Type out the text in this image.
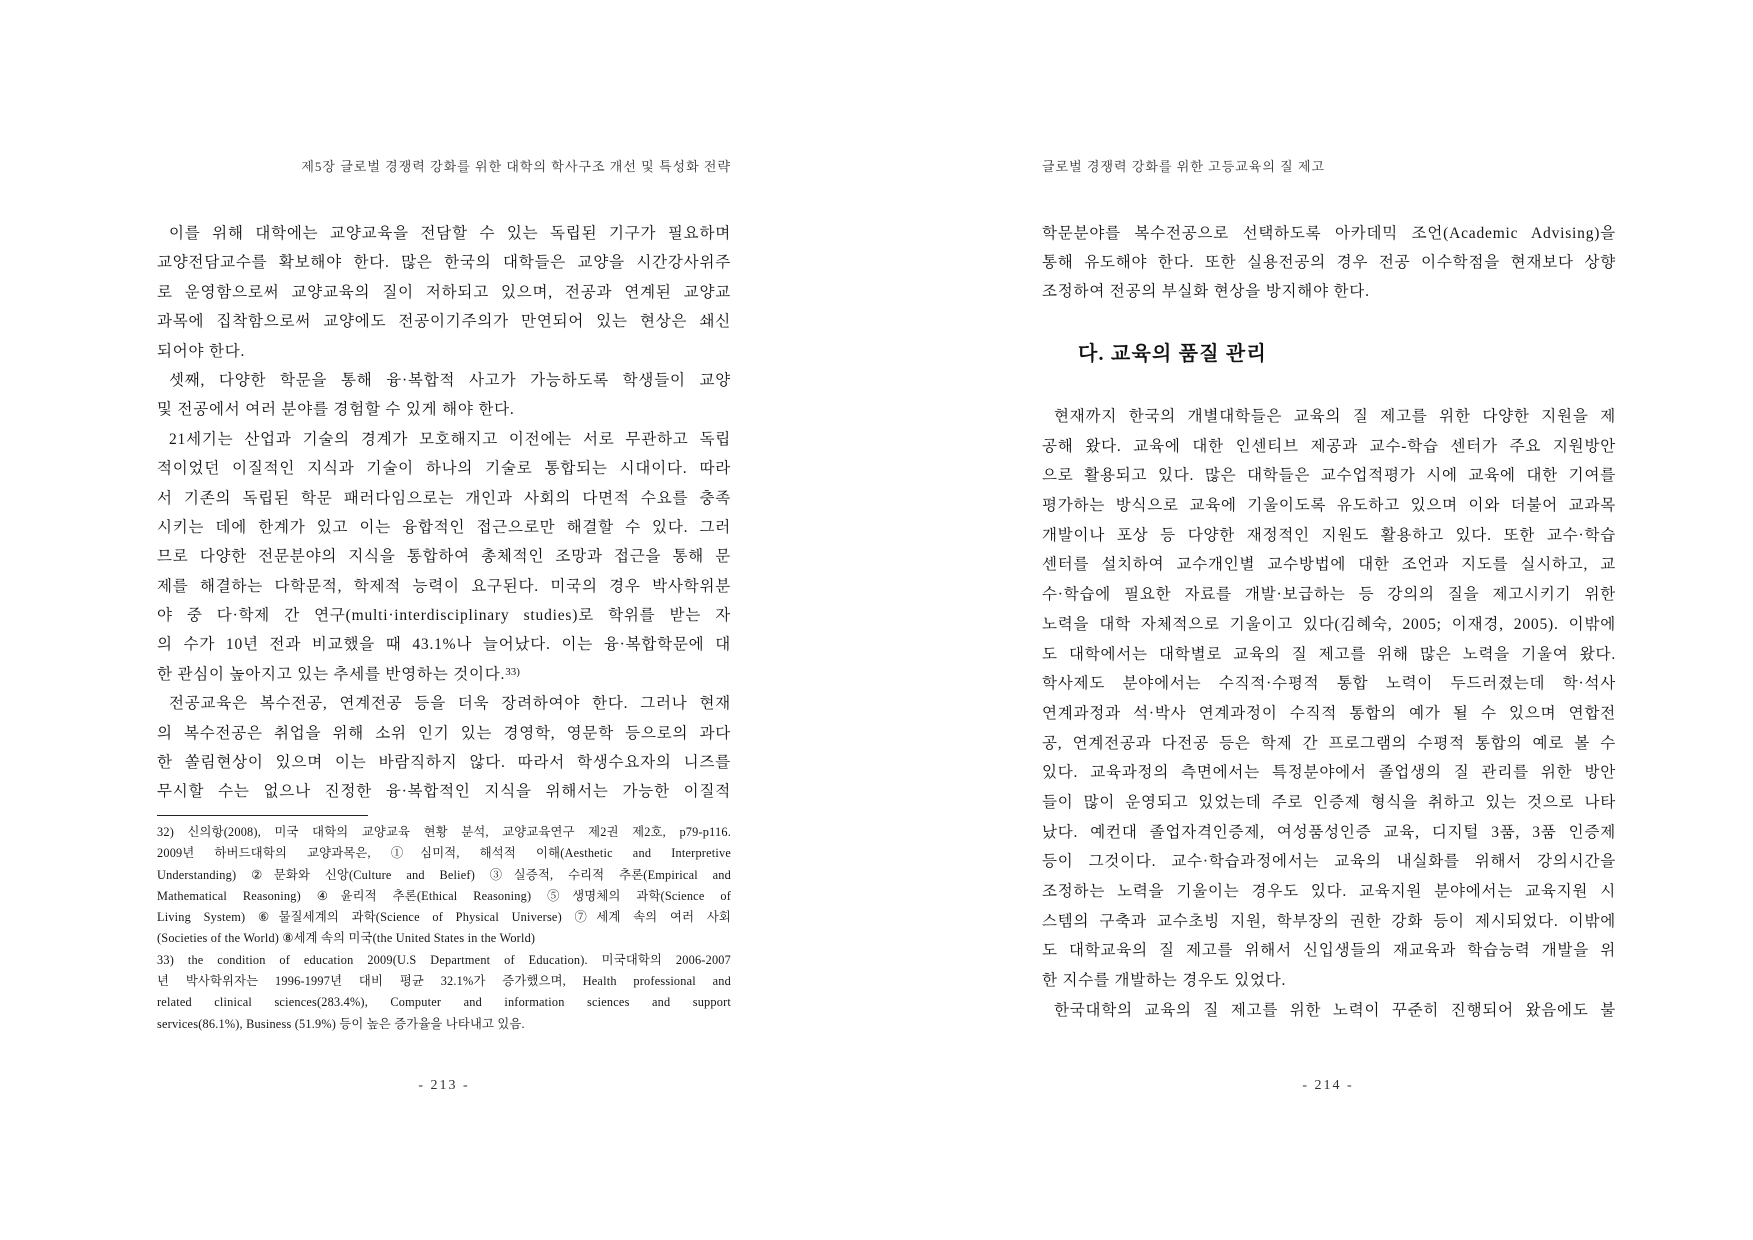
제5장 글로벌 경쟁력 강화를 위한 대학의 학사구조 개선 및 특성화 전략
이를 위해 대학에는 교양교육을 전담할 수 있는 독립된 기구가 필요하며
교양전담교수를 확보해야 한다. 많은 한국의 대학들은 교양을 시간강사위주
로 운영함으로써 교양교육의 질이 저하되고 있으며, 전공과 연계된 교양교
과목에 집착함으로써 교양에도 전공이기주의가 만연되어 있는 현상은 쇄신
되어야 한다.
셋째, 다양한 학문을 통해 융·복합적 사고가 가능하도록 학생들이 교양
및 전공에서 여러 분야를 경험할 수 있게 해야 한다.
21세기는 산업과 기술의 경계가 모호해지고 이전에는 서로 무관하고 독립
적이었던 이질적인 지식과 기술이 하나의 기술로 통합되는 시대이다. 따라
서 기존의 독립된 학문 패러다임으로는 개인과 사회의 다면적 수요를 충족
시키는 데에 한계가 있고 이는 융합적인 접근으로만 해결할 수 있다. 그러
므로 다양한 전문분야의 지식을 통합하여 총체적인 조망과 접근을 통해 문
제를 해결하는 다학문적, 학제적 능력이 요구된다. 미국의 경우 박사학위분
야 중 다·학제 간 연구(multi·interdisciplinary studies)로 학위를 받는 자
의 수가 10년 전과 비교했을 때 43.1%나 늘어났다. 이는 융·복합학문에 대
한 관심이 높아지고 있는 추세를 반영하는 것이다.$^{33)}$
전공교육은 복수전공, 연계전공 등을 더욱 장려하여야 한다. 그러나 현재
의 복수전공은 취업을 위해 소위 인기 있는 경영학, 영문학 등으로의 과다
한 쏠림현상이 있으며 이는 바람직하지 않다. 따라서 학생수요자의 니즈를
무시할 수는 없으나 진정한 융·복합적인 지식을 위해서는 가능한 이질적
32) 신의항(2008), 미국 대학의 교양교육 현황 분석, 교양교육연구 제2권 제2호, p79-p116.
2009년 하버드대학의 교양과목은, ①심미적, 해석적 이해(Aesthetic and Interpretive
Understanding) ②문화와 신앙(Culture and Belief) ③실증적, 수리적 추론(Empirical and
Mathematical Reasoning) ④윤리적 추론(Ethical Reasoning) ⑤생명체의 과학(Science of
Living System) ⑥물질세계의 과학(Science of Physical Universe) ⑦세계 속의 여러 사회
(Societies of the World) ⑧세계 속의 미국(the United States in the World)
33) the condition of education 2009(U.S Department of Education). 미국대학의 2006-2007
년 박사학위자는 1996-1997년 대비 평균 32.1%가 증가했으며, Health professional and
related clinical sciences(283.4%), Computer and information sciences and support
services(86.1%), Business (51.9%) 등이 높은 증가율을 나타내고 있음.
- 213 -
글로벌 경쟁력 강화를 위한 고등교육의 질 제고
학문분야를 복수전공으로 선택하도록 아카데믹 조언(Academic Advising)을
통해 유도해야 한다. 또한 실용전공의 경우 전공 이수학점을 현재보다 상향
조정하여 전공의 부실화 현상을 방지해야 한다.
다. 교육의 품질 관리
현재까지 한국의 개별대학들은 교육의 질 제고를 위한 다양한 지원을 제
공해 왔다. 교육에 대한 인센티브 제공과 교수-학습 센터가 주요 지원방안
으로 활용되고 있다. 많은 대학들은 교수업적평가 시에 교육에 대한 기여를
평가하는 방식으로 교육에 기울이도록 유도하고 있으며 이와 더불어 교과목
개발이나 포상 등 다양한 재정적인 지원도 활용하고 있다. 또한 교수·학습
센터를 설치하여 교수개인별 교수방법에 대한 조언과 지도를 실시하고, 교
수·학습에 필요한 자료를 개발·보급하는 등 강의의 질을 제고시키기 위한
노력을 대학 자체적으로 기울이고 있다(김혜숙, 2005; 이재경, 2005). 이밖에
도 대학에서는 대학별로 교육의 질 제고를 위해 많은 노력을 기울여 왔다.
학사제도 분야에서는 수직적·수평적 통합 노력이 두드러졌는데 학·석사
연계과정과 석·박사 연계과정이 수직적 통합의 예가 될 수 있으며 연합전
공, 연계전공과 다전공 등은 학제 간 프로그램의 수평적 통합의 예로 볼 수
있다. 교육과정의 측면에서는 특정분야에서 졸업생의 질 관리를 위한 방안
들이 많이 운영되고 있었는데 주로 인증제 형식을 취하고 있는 것으로 나타
났다. 예컨대 졸업자격인증제, 여성품성인증 교육, 디지털 3품, 3품 인증제
등이 그것이다. 교수·학습과정에서는 교육의 내실화를 위해서 강의시간을
조정하는 노력을 기울이는 경우도 있다. 교육지원 분야에서는 교육지원 시
스템의 구축과 교수초빙 지원, 학부장의 권한 강화 등이 제시되었다. 이밖에
도 대학교육의 질 제고를 위해서 신입생들의 재교육과 학습능력 개발을 위
한 지수를 개발하는 경우도 있었다.
한국대학의 교육의 질 제고를 위한 노력이 꾸준히 진행되어 왔음에도 불
- 214 -
